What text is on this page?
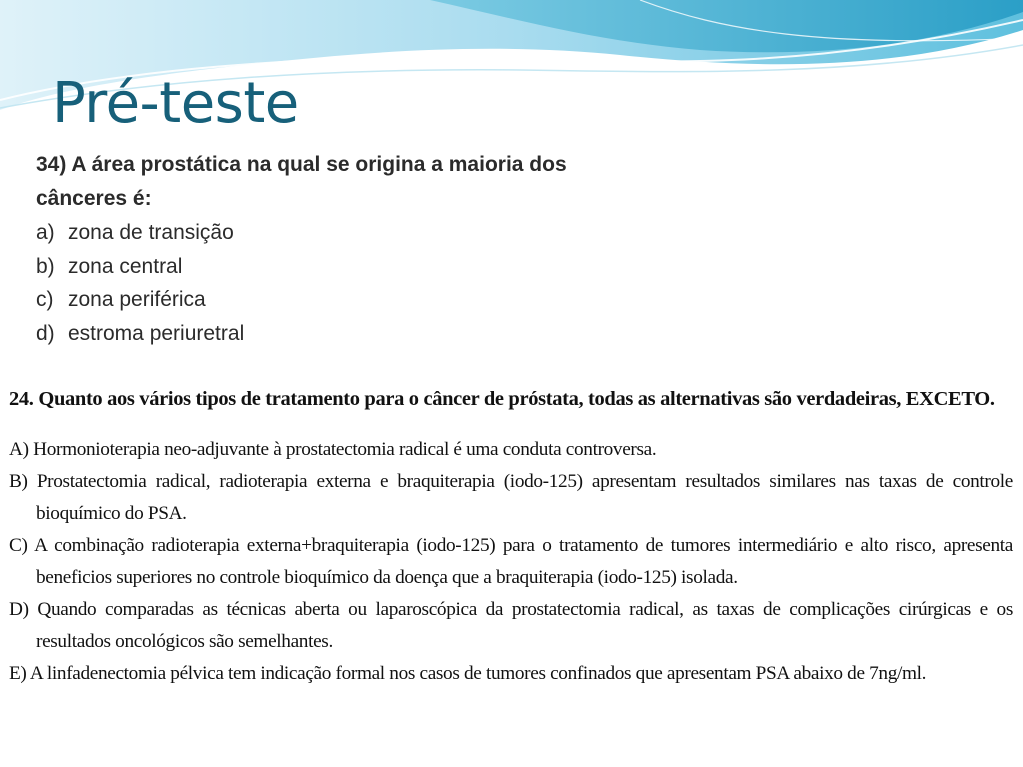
Pré-teste

34) A área prostática na qual se origina a maioria dos
cânceres é:

a) zona de transição
b) zona central
c) zona periférica
d) estroma periuretral

24. Quanto aos vários tipos de tratamento para o câncer de próstata, todas as alternativas são verdadeiras, EXCETO.

A) Hormonioterapia neo-adjuvante à prostatectomia radical é uma conduta controversa.
B) Prostatectomia radical, radioterapia externa e braquiterapia (iodo-125) apresentam resultados similares nas taxas de controle bioquímico do PSA.
C) A combinação radioterapia externa+braquiterapia (iodo-125) para o tratamento de tumores intermediário e alto risco, apresenta beneficios superiores no controle bioquímico da doença que a braquiterapia (iodo-125) isolada.
D) Quando comparadas as técnicas aberta ou laparoscópica da prostatectomia radical, as taxas de complicações cirúrgicas e os resultados oncológicos são semelhantes.
E) A linfadenectomia pélvica tem indicação formal nos casos de tumores confinados que apresentam PSA abaixo de 7ng/ml.
